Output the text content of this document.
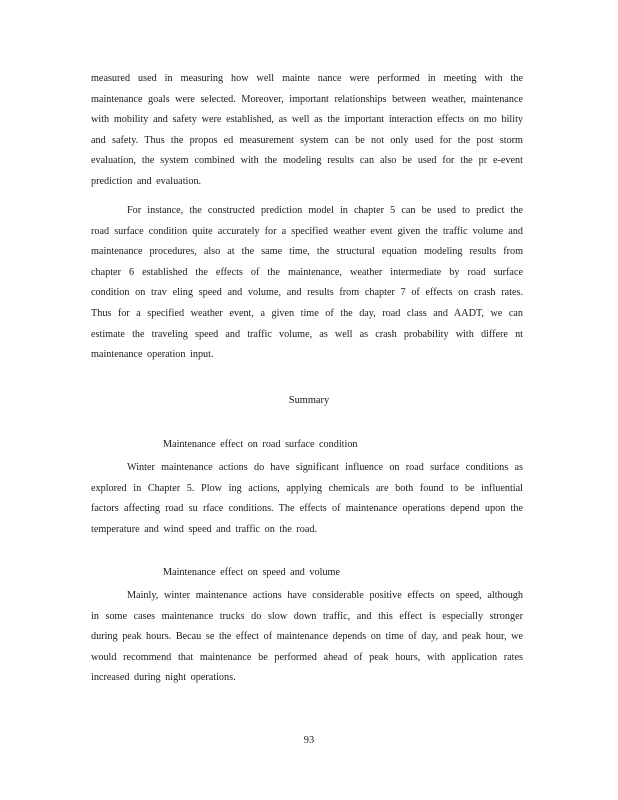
measured used in measuring how well mainte nance were performed in meeting with the maintenance goals were selected. Moreover, important relationships between weather, maintenance with mobility and safety were established, as well as the important interaction effects on mo bility and safety. Thus the propos ed measurement system can be not only used for the post storm evaluation, the system combined with the modeling results can also be used for the pr e-event prediction and evaluation.

For instance, the constructed prediction model in chapter 5 can be used to predict the road surface condition quite accurately for a specified weather event given the traffic volume and maintenance procedures, also at the same time, the structural equation modeling results from chapter 6 established the effects of the maintenance, weather intermediate by road surface condition on trav eling speed and volume, and results from chapter 7 of effects on crash rates. Thus for a specified weather event, a given time of the day, road class and AADT, we can estimate the traveling speed and traffic volume, as well as crash probability with differe nt maintenance operation input.

Summary

Maintenance effect on road surface condition

Winter maintenance actions do have significant influence on road surface conditions as explored in Chapter 5. Plow ing actions, applying chemicals are both found to be influential factors affecting road su rface conditions. The effects of maintenance operations depend upon the temperature and wind speed and traffic on the road.

Maintenance effect on speed and volume

Mainly, winter maintenance actions have considerable positive effects on speed, although in some cases maintenance trucks do slow down traffic, and this effect is especially stronger during peak hours. Becau se the effect of maintenance depends on time of day, and peak hour, we would recommend that maintenance be performed ahead of peak hours, with application rates increased during night operations.

93
